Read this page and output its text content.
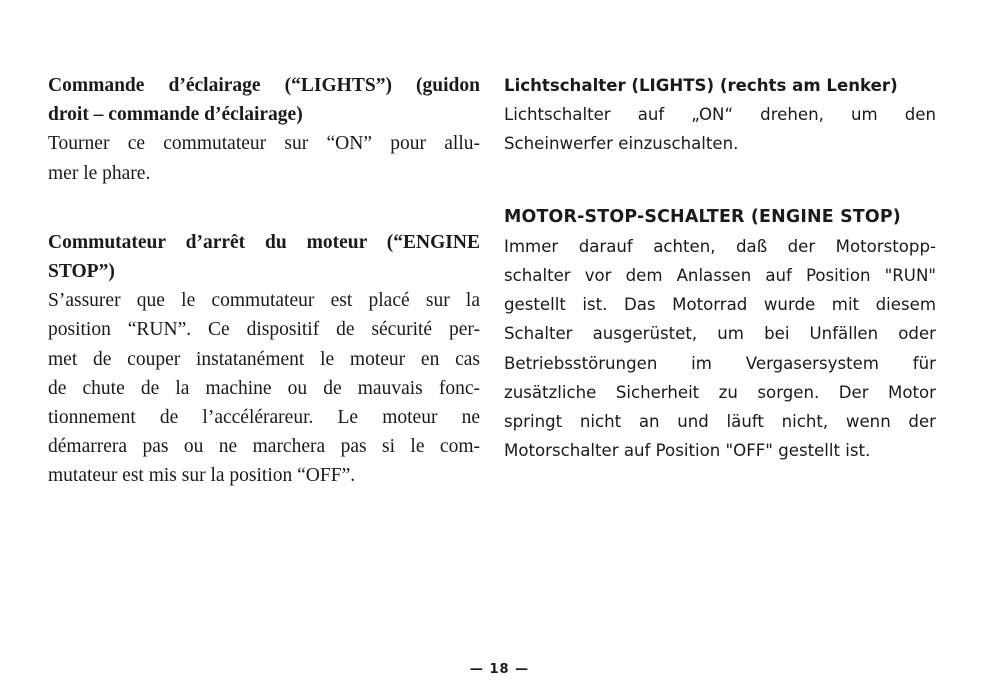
Commande d’éclairage (“LIGHTS”) (guidon
droit – commande d’éclairage)

Tourner ce commutateur sur “ON” pour allu-
mer le phare.

Commutateur d’arrêt du moteur (“ENGINE
STOP”)

S’assurer que le commutateur est placé sur la
position “RUN”. Ce dispositif de sécurité per-
met de couper instatanément le moteur en cas
de chute de la machine ou de mauvais fonc-
tionnement de l’accélérareur. Le moteur ne
démarrera pas ou ne marchera pas si le com-
mutateur est mis sur la position “OFF”.

Lichtschalter (LIGHTS) (rechts am Lenker)

Lichtschalter auf „ON“ drehen, um den
Scheinwerfer einzuschalten.

MOTOR-STOP-SCHALTER (ENGINE STOP)

Immer darauf achten, daß der Motorstopp-
schalter vor dem Anlassen auf Position "RUN"
gestellt ist. Das Motorrad wurde mit diesem
Schalter ausgerüstet, um bei Unfällen oder
Betriebsstörungen im Vergasersystem für
zusätzliche Sicherheit zu sorgen. Der Motor
springt nicht an und läuft nicht, wenn der
Motorschalter auf Position "OFF" gestellt ist.

— 18 —
